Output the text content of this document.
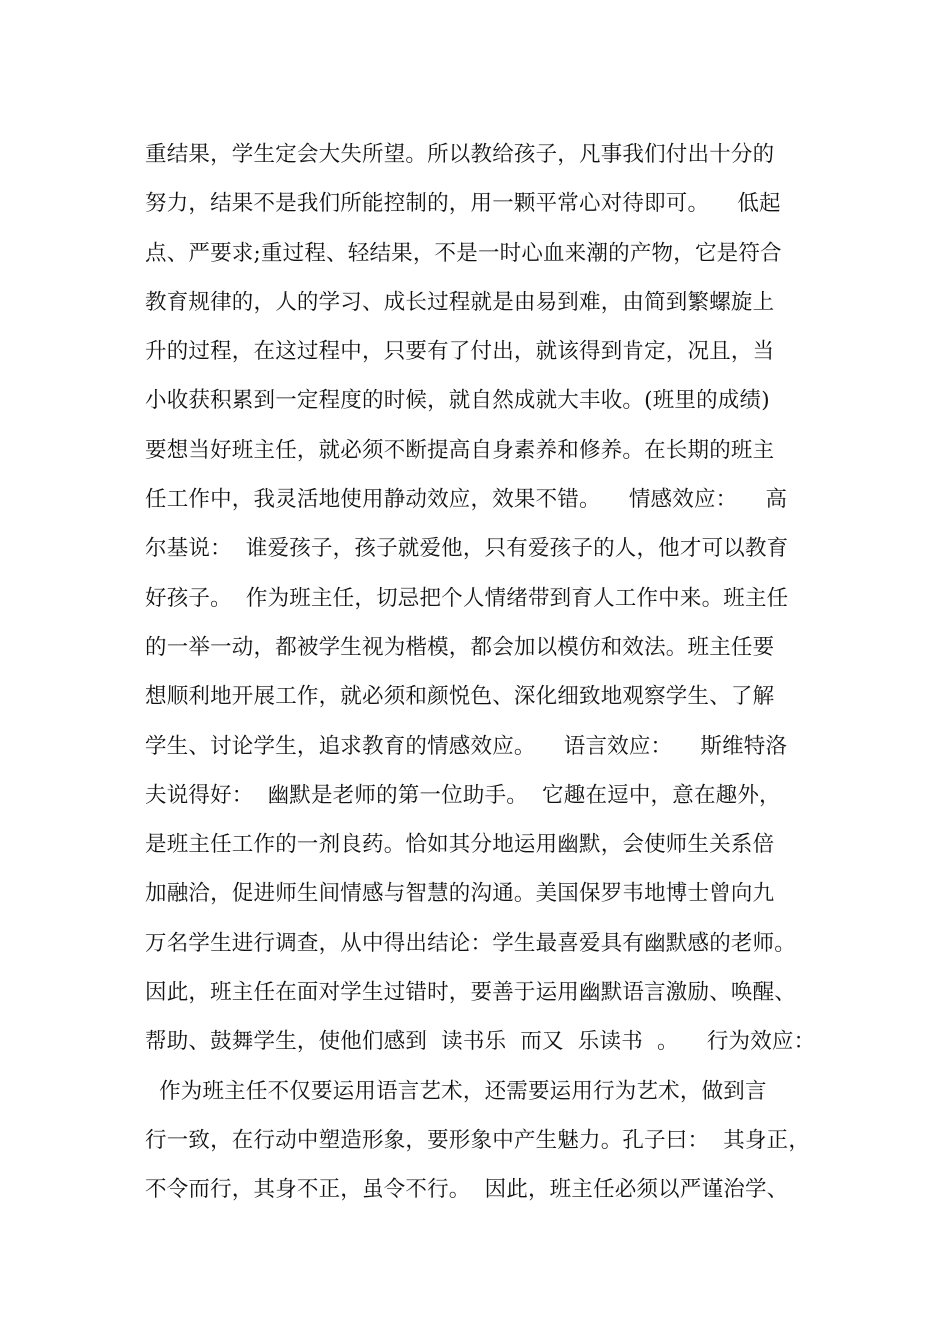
重结果，学生定会大失所望。所以教给孩子，凡事我们付出十分的
努力，结果不是我们所能控制的，用一颗平常心对待即可。    低起
点、严要求;重过程、轻结果，不是一时心血来潮的产物，它是符合
教育规律的，人的学习、成长过程就是由易到难，由简到繁螺旋上
升的过程，在这过程中，只要有了付出，就该得到肯定，况且，当
小收获积累到一定程度的时候，就自然成就大丰收。(班里的成绩)
要想当好班主任，就必须不断提高自身素养和修养。在长期的班主
任工作中，我灵活地使用静动效应，效果不错。    情感效应：    高
尔基说：  谁爱孩子，孩子就爱他，只有爱孩子的人，他才可以教育
好孩子。  作为班主任，切忌把个人情绪带到育人工作中来。班主任
的一举一动，都被学生视为楷模，都会加以模仿和效法。班主任要
想顺利地开展工作，就必须和颜悦色、深化细致地观察学生、了解
学生、讨论学生，追求教育的情感效应。    语言效应：    斯维特洛
夫说得好：  幽默是老师的第一位助手。  它趣在逗中，意在趣外，
是班主任工作的一剂良药。恰如其分地运用幽默，会使师生关系倍
加融洽，促进师生间情感与智慧的沟通。美国保罗韦地博士曾向九
万名学生进行调查，从中得出结论：学生最喜爱具有幽默感的老师。
因此，班主任在面对学生过错时，要善于运用幽默语言激励、唤醒、
帮助、鼓舞学生，使他们感到  读书乐  而又  乐读书  。    行为效应：
作为班主任不仅要运用语言艺术，还需要运用行为艺术，做到言
行一致，在行动中塑造形象，要形象中产生魅力。孔子曰：  其身正，
不令而行，其身不正，虽令不行。  因此，班主任必须以严谨治学、
